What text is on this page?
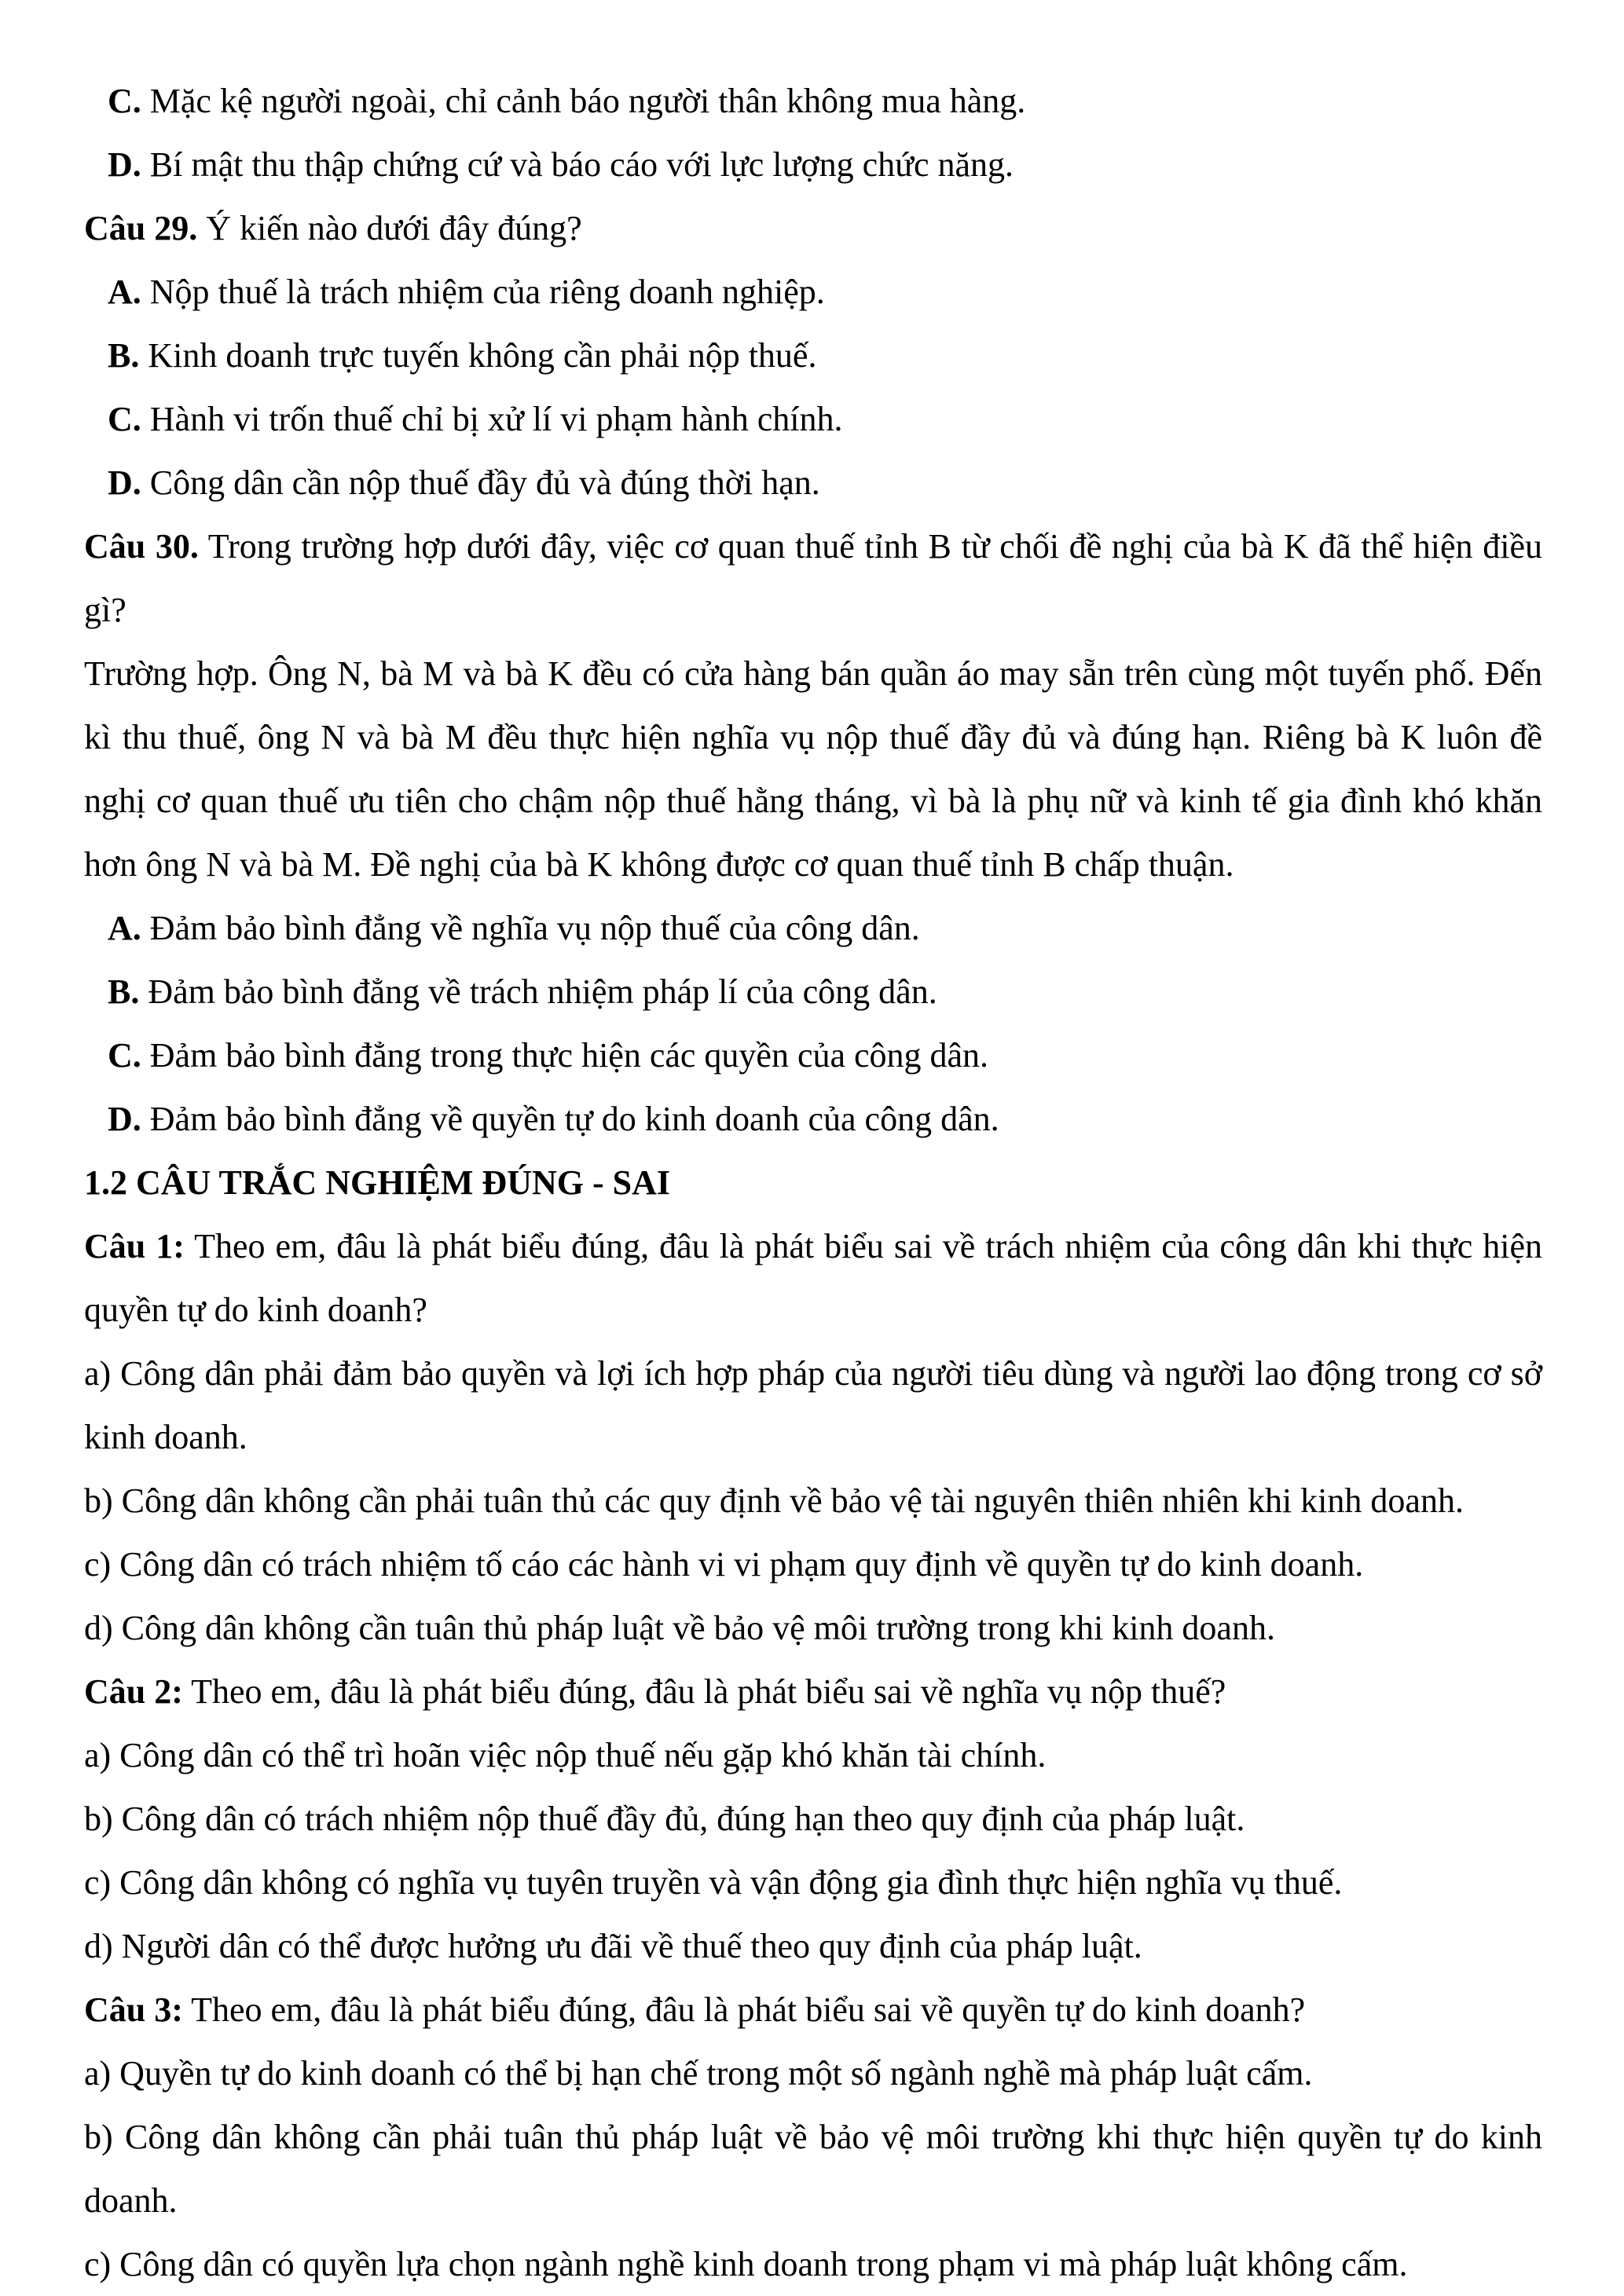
C. Mặc kệ người ngoài, chỉ cảnh báo người thân không mua hàng.
D. Bí mật thu thập chứng cứ và báo cáo với lực lượng chức năng.
Câu 29. Ý kiến nào dưới đây đúng?
A. Nộp thuế là trách nhiệm của riêng doanh nghiệp.
B. Kinh doanh trực tuyến không cần phải nộp thuế.
C. Hành vi trốn thuế chỉ bị xử lí vi phạm hành chính.
D. Công dân cần nộp thuế đầy đủ và đúng thời hạn.
Câu 30. Trong trường hợp dưới đây, việc cơ quan thuế tỉnh B từ chối đề nghị của bà K đã thể hiện điều gì?
Trường hợp. Ông N, bà M và bà K đều có cửa hàng bán quần áo may sẵn trên cùng một tuyến phố. Đến kì thu thuế, ông N và bà M đều thực hiện nghĩa vụ nộp thuế đầy đủ và đúng hạn. Riêng bà K luôn đề nghị cơ quan thuế ưu tiên cho chậm nộp thuế hằng tháng, vì bà là phụ nữ và kinh tế gia đình khó khăn hơn ông N và bà M. Đề nghị của bà K không được cơ quan thuế tỉnh B chấp thuận.
A. Đảm bảo bình đẳng về nghĩa vụ nộp thuế của công dân.
B. Đảm bảo bình đẳng về trách nhiệm pháp lí của công dân.
C. Đảm bảo bình đẳng trong thực hiện các quyền của công dân.
D. Đảm bảo bình đẳng về quyền tự do kinh doanh của công dân.
1.2 CÂU TRẮC NGHIỆM ĐÚNG - SAI
Câu 1: Theo em, đâu là phát biểu đúng, đâu là phát biểu sai về trách nhiệm của công dân khi thực hiện quyền tự do kinh doanh?
a) Công dân phải đảm bảo quyền và lợi ích hợp pháp của người tiêu dùng và người lao động trong cơ sở kinh doanh.
b) Công dân không cần phải tuân thủ các quy định về bảo vệ tài nguyên thiên nhiên khi kinh doanh.
c) Công dân có trách nhiệm tố cáo các hành vi vi phạm quy định về quyền tự do kinh doanh.
d) Công dân không cần tuân thủ pháp luật về bảo vệ môi trường trong khi kinh doanh.
Câu 2: Theo em, đâu là phát biểu đúng, đâu là phát biểu sai về nghĩa vụ nộp thuế?
a) Công dân có thể trì hoãn việc nộp thuế nếu gặp khó khăn tài chính.
b) Công dân có trách nhiệm nộp thuế đầy đủ, đúng hạn theo quy định của pháp luật.
c) Công dân không có nghĩa vụ tuyên truyền và vận động gia đình thực hiện nghĩa vụ thuế.
d) Người dân có thể được hưởng ưu đãi về thuế theo quy định của pháp luật.
Câu 3: Theo em, đâu là phát biểu đúng, đâu là phát biểu sai về quyền tự do kinh doanh?
a) Quyền tự do kinh doanh có thể bị hạn chế trong một số ngành nghề mà pháp luật cấm.
b) Công dân không cần phải tuân thủ pháp luật về bảo vệ môi trường khi thực hiện quyền tự do kinh doanh.
c) Công dân có quyền lựa chọn ngành nghề kinh doanh trong phạm vi mà pháp luật không cấm.
